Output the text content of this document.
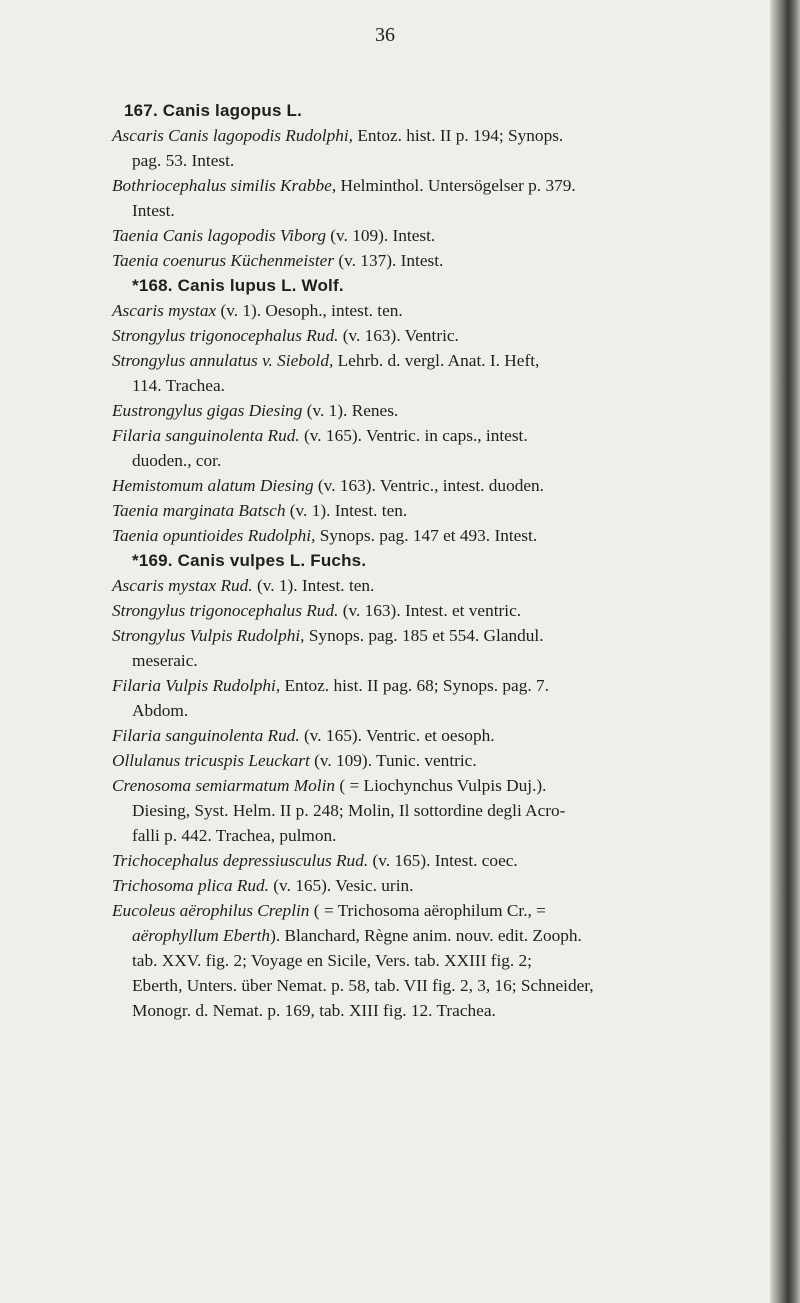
36
167. Canis lagopus L.
Ascaris Canis lagopodis Rudolphi, Entoz. hist. II p. 194; Synops.
pag. 53. Intest.
Bothriocephalus similis Krabbe, Helminthol. Untersögelser p. 379.
Intest.
Taenia Canis lagopodis Viborg (v. 109). Intest.
Taenia coenurus Küchenmeister (v. 137). Intest.
*168. Canis lupus L. Wolf.
Ascaris mystax (v. 1). Oesoph., intest. ten.
Strongylus trigonocephalus Rud. (v. 163). Ventric.
Strongylus annulatus v. Siebold, Lehrb. d. vergl. Anat. I. Heft,
114. Trachea.
Eustrongylus gigas Diesing (v. 1). Renes.
Filaria sanguinolenta Rud. (v. 165). Ventric. in caps., intest.
duoden., cor.
Hemistomum alatum Diesing (v. 163). Ventric., intest. duoden.
Taenia marginata Batsch (v. 1). Intest. ten.
Taenia opuntioides Rudolphi, Synops. pag. 147 et 493. Intest.
*169. Canis vulpes L. Fuchs.
Ascaris mystax Rud. (v. 1). Intest. ten.
Strongylus trigonocephalus Rud. (v. 163). Intest. et ventric.
Strongylus Vulpis Rudolphi, Synops. pag. 185 et 554. Glandul.
meseraic.
Filaria Vulpis Rudolphi, Entoz. hist. II pag. 68; Synops. pag. 7.
Abdom.
Filaria sanguinolenta Rud. (v. 165). Ventric. et oesoph.
Ollulanus tricuspis Leuckart (v. 109). Tunic. ventric.
Crenosoma semiarmatum Molin ( = Liochynchus Vulpis Duj.).
Diesing, Syst. Helm. II p. 248; Molin, Il sottordine degli Acro-
falli p. 442. Trachea, pulmon.
Trichocephalus depressiusculus Rud. (v. 165). Intest. coec.
Trichosoma plica Rud. (v. 165). Vesic. urin.
Eucoleus aërophilus Creplin ( = Trichosoma aërophilum Cr., =
aërophyllum Eberth). Blanchard, Règne anim. nouv. edit. Zooph.
tab. XXV. fig. 2; Voyage en Sicile, Vers. tab. XXIII fig. 2;
Eberth, Unters. über Nemat. p. 58, tab. VII fig. 2, 3, 16; Schneider,
Monogr. d. Nemat. p. 169, tab. XIII fig. 12. Trachea.
